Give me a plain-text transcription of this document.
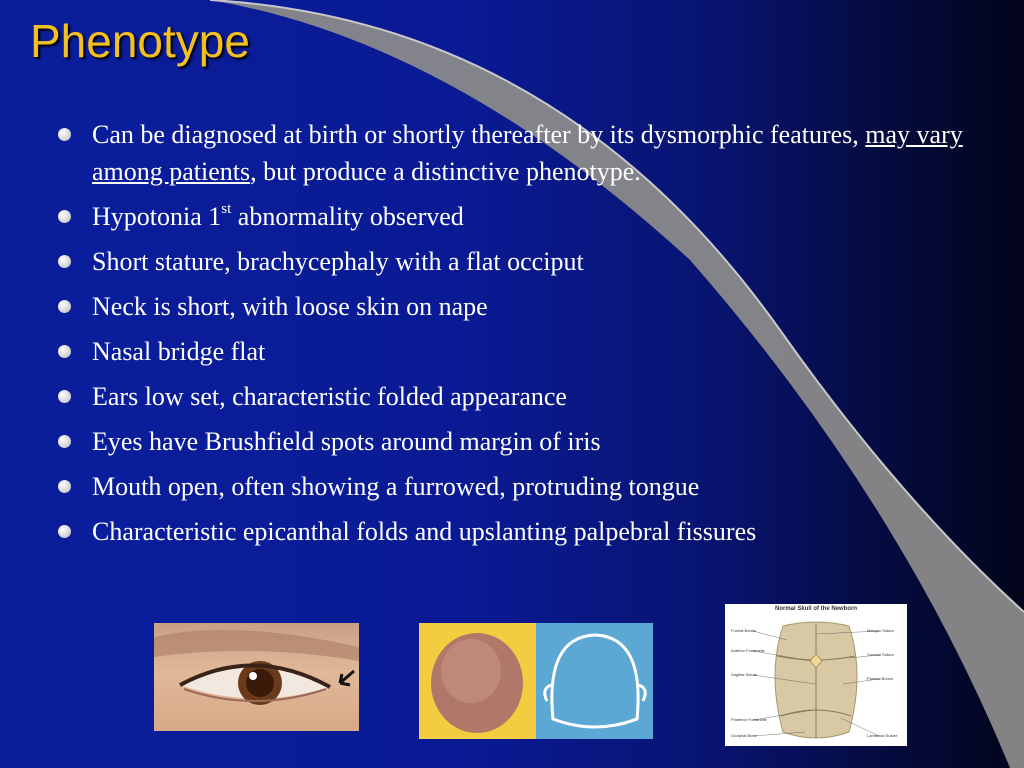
Phenotype
Can be diagnosed at birth or shortly thereafter by its dysmorphic features, may vary among patients, but produce a distinctive phenotype.
Hypotonia 1st abnormality observed
Short stature, brachycephaly with a flat occiput
Neck is short, with loose skin on nape
Nasal bridge flat
Ears low set, characteristic folded appearance
Eyes have Brushfield spots around margin of iris
Mouth open, often showing a furrowed, protruding tongue
Characteristic epicanthal folds and upslanting palpebral fissures
Normal Skull of the Newborn
Frontal Bones
Anterior Fontanelle
Sagittal Suture
Posterior Fontanelle
Occipital Bone
Metopic Suture
Coronal Suture
Parietal Bones
Lambdoid Suture
